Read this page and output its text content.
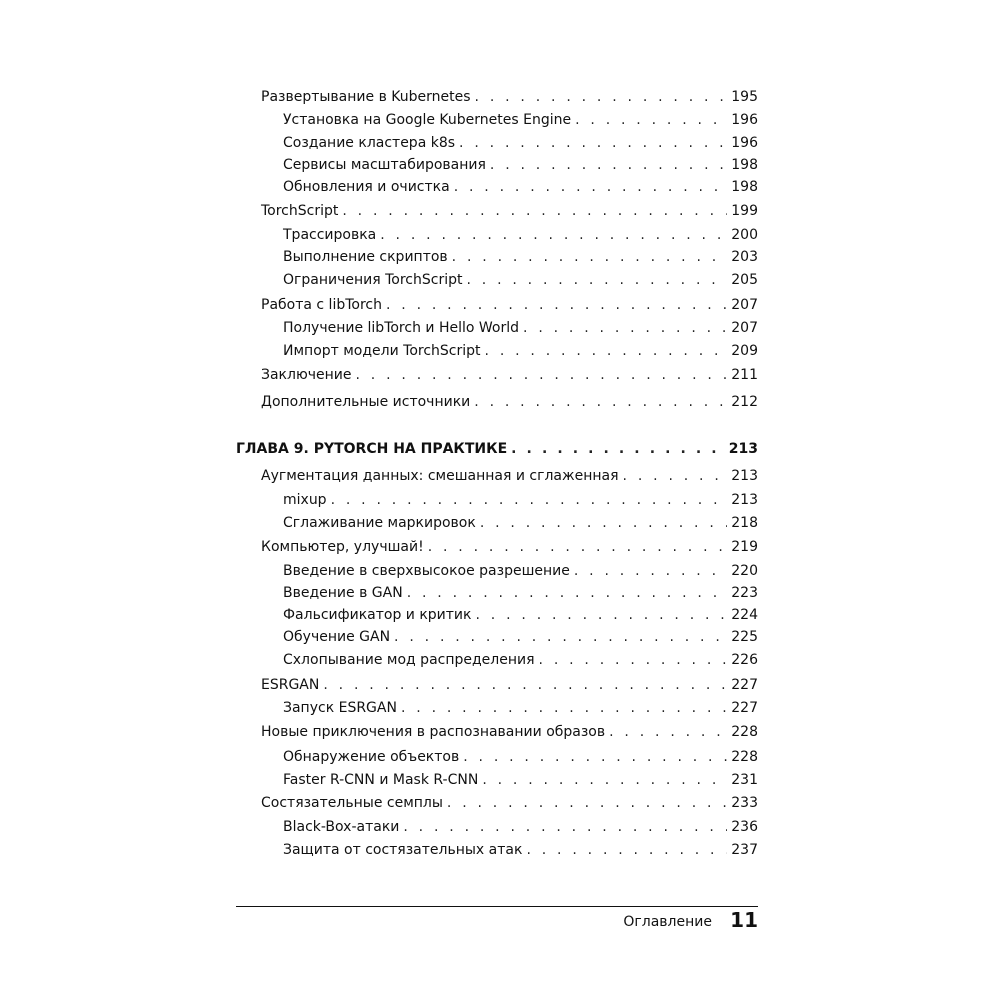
Развертывание в Kubernetes . . .	195
Установка на Google Kubernetes Engine . . .	196
Создание кластера k8s . . .	196
Сервисы масштабирования . . .	198
Обновления и очистка . . .	198
TorchScript . . .	199
Трассировка . . .	200
Выполнение скриптов . . .	203
Ограничения TorchScript . . .	205
Работа с libTorch . . .	207
Получение libTorch и Hello World . . .	207
Импорт модели TorchScript . . .	209
Заключение . . .	211
Дополнительные источники . . .	212
ГЛАВА 9. PYTORCH НА ПРАКТИКЕ . . .	213
Аугментация данных: смешанная и сглаженная . . .	213
mixup . . .	213
Сглаживание маркировок . . .	218
Компьютер, улучшай! . . .	219
Введение в сверхвысокое разрешение . . .	220
Введение в GAN . . .	223
Фальсификатор и критик . . .	224
Обучение GAN . . .	225
Схлопывание мод распределения . . .	226
ESRGAN . . .	227
Запуск ESRGAN . . .	227
Новые приключения в распознавании образов . . .	228
Обнаружение объектов . . .	228
Faster R-CNN и Mask R-CNN . . .	231
Состязательные семплы . . .	233
Black-Box-атаки . . .	236
Защита от состязательных атак . . .	237
Оглавление 11
